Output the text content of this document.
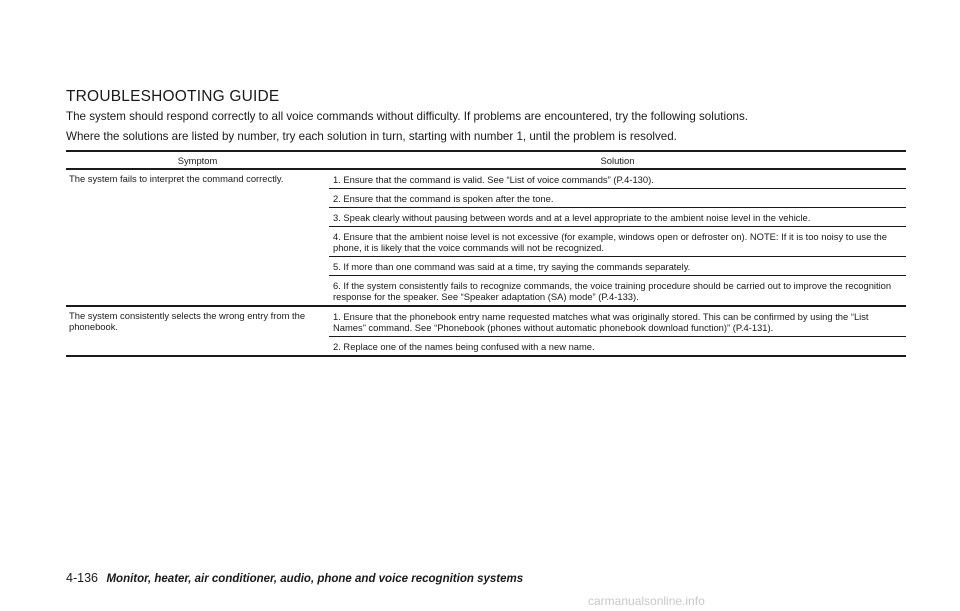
TROUBLESHOOTING GUIDE
The system should respond correctly to all voice commands without difficulty. If problems are encountered, try the following solutions.
Where the solutions are listed by number, try each solution in turn, starting with number 1, until the problem is resolved.
Symptom	Solution
The system fails to interpret the command correctly.	1. Ensure that the command is valid. See “List of voice commands” (P.4-130).
	2. Ensure that the command is spoken after the tone.
	3. Speak clearly without pausing between words and at a level appropriate to the ambient noise level in the vehicle.
	4. Ensure that the ambient noise level is not excessive (for example, windows open or defroster on). NOTE: If it is too noisy to use the phone, it is likely that the voice commands will not be recognized.
	5. If more than one command was said at a time, try saying the commands separately.
	6. If the system consistently fails to recognize commands, the voice training procedure should be carried out to improve the recognition response for the speaker. See “Speaker adaptation (SA) mode” (P.4-133).
The system consistently selects the wrong entry from the phonebook.	1. Ensure that the phonebook entry name requested matches what was originally stored. This can be confirmed by using the “List Names” command. See “Phonebook (phones without automatic phonebook download function)” (P.4-131).
	2. Replace one of the names being confused with a new name.
4-136 Monitor, heater, air conditioner, audio, phone and voice recognition systems
carmanualsonline.info
